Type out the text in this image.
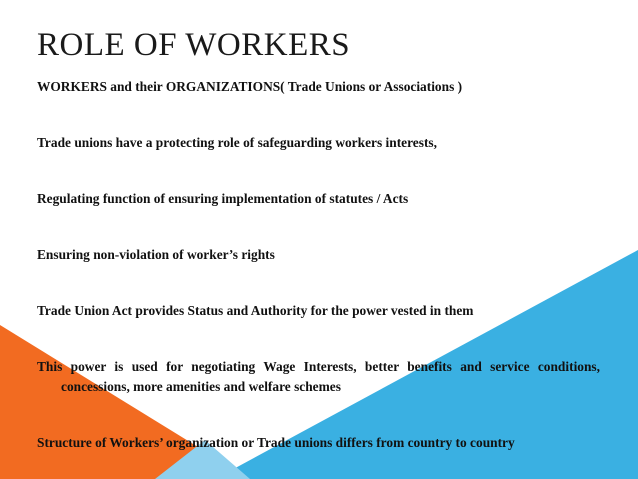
ROLE OF WORKERS
WORKERS and their ORGANIZATIONS( Trade Unions or Associations )
Trade unions have a protecting role of safeguarding workers interests,
Regulating function of ensuring implementation of statutes / Acts
Ensuring non-violation of worker’s rights
Trade Union Act provides Status and Authority for the power vested in them
This power is used for negotiating Wage Interests, better benefits and service conditions, concessions, more amenities and welfare schemes
Structure of Workers’ organization or Trade unions differs from country to country
